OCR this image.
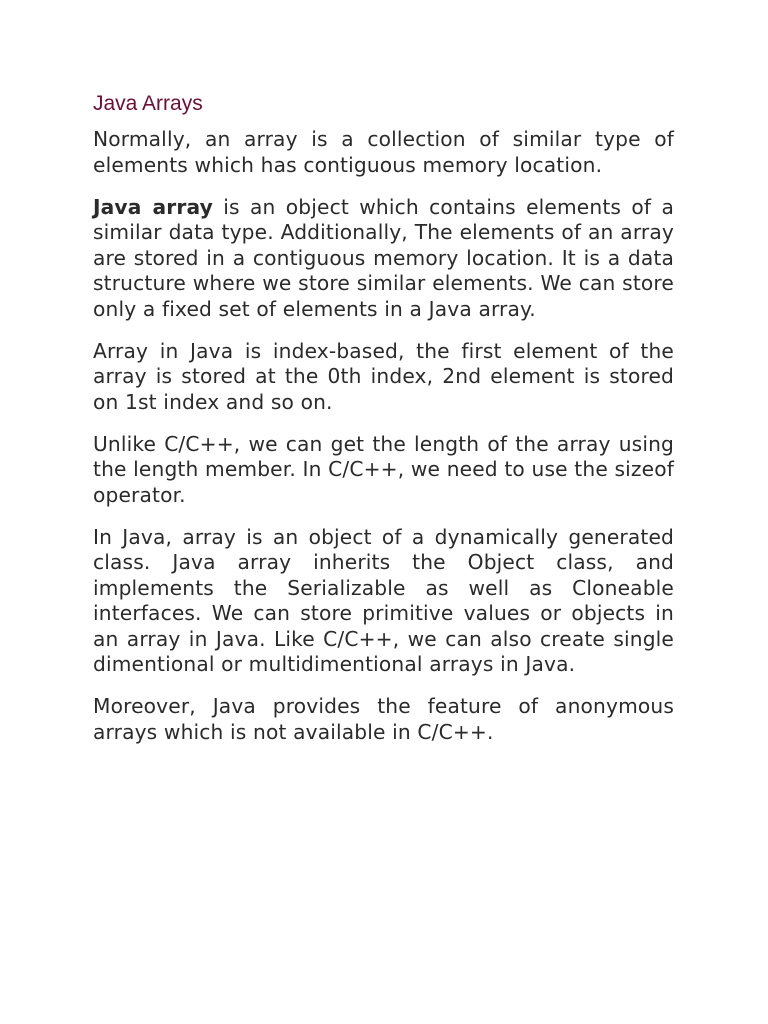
Java Arrays

Normally, an array is a collection of similar type of elements which has contiguous memory location.

Java array is an object which contains elements of a similar data type. Additionally, The elements of an array are stored in a contiguous memory location. It is a data structure where we store similar elements. We can store only a fixed set of elements in a Java array.

Array in Java is index-based, the first element of the array is stored at the 0th index, 2nd element is stored on 1st index and so on.

Unlike C/C++, we can get the length of the array using the length member. In C/C++, we need to use the sizeof operator.

In Java, array is an object of a dynamically generated class. Java array inherits the Object class, and implements the Serializable as well as Cloneable interfaces. We can store primitive values or objects in an array in Java. Like C/C++, we can also create single dimentional or multidimentional arrays in Java.

Moreover, Java provides the feature of anonymous arrays which is not available in C/C++.
